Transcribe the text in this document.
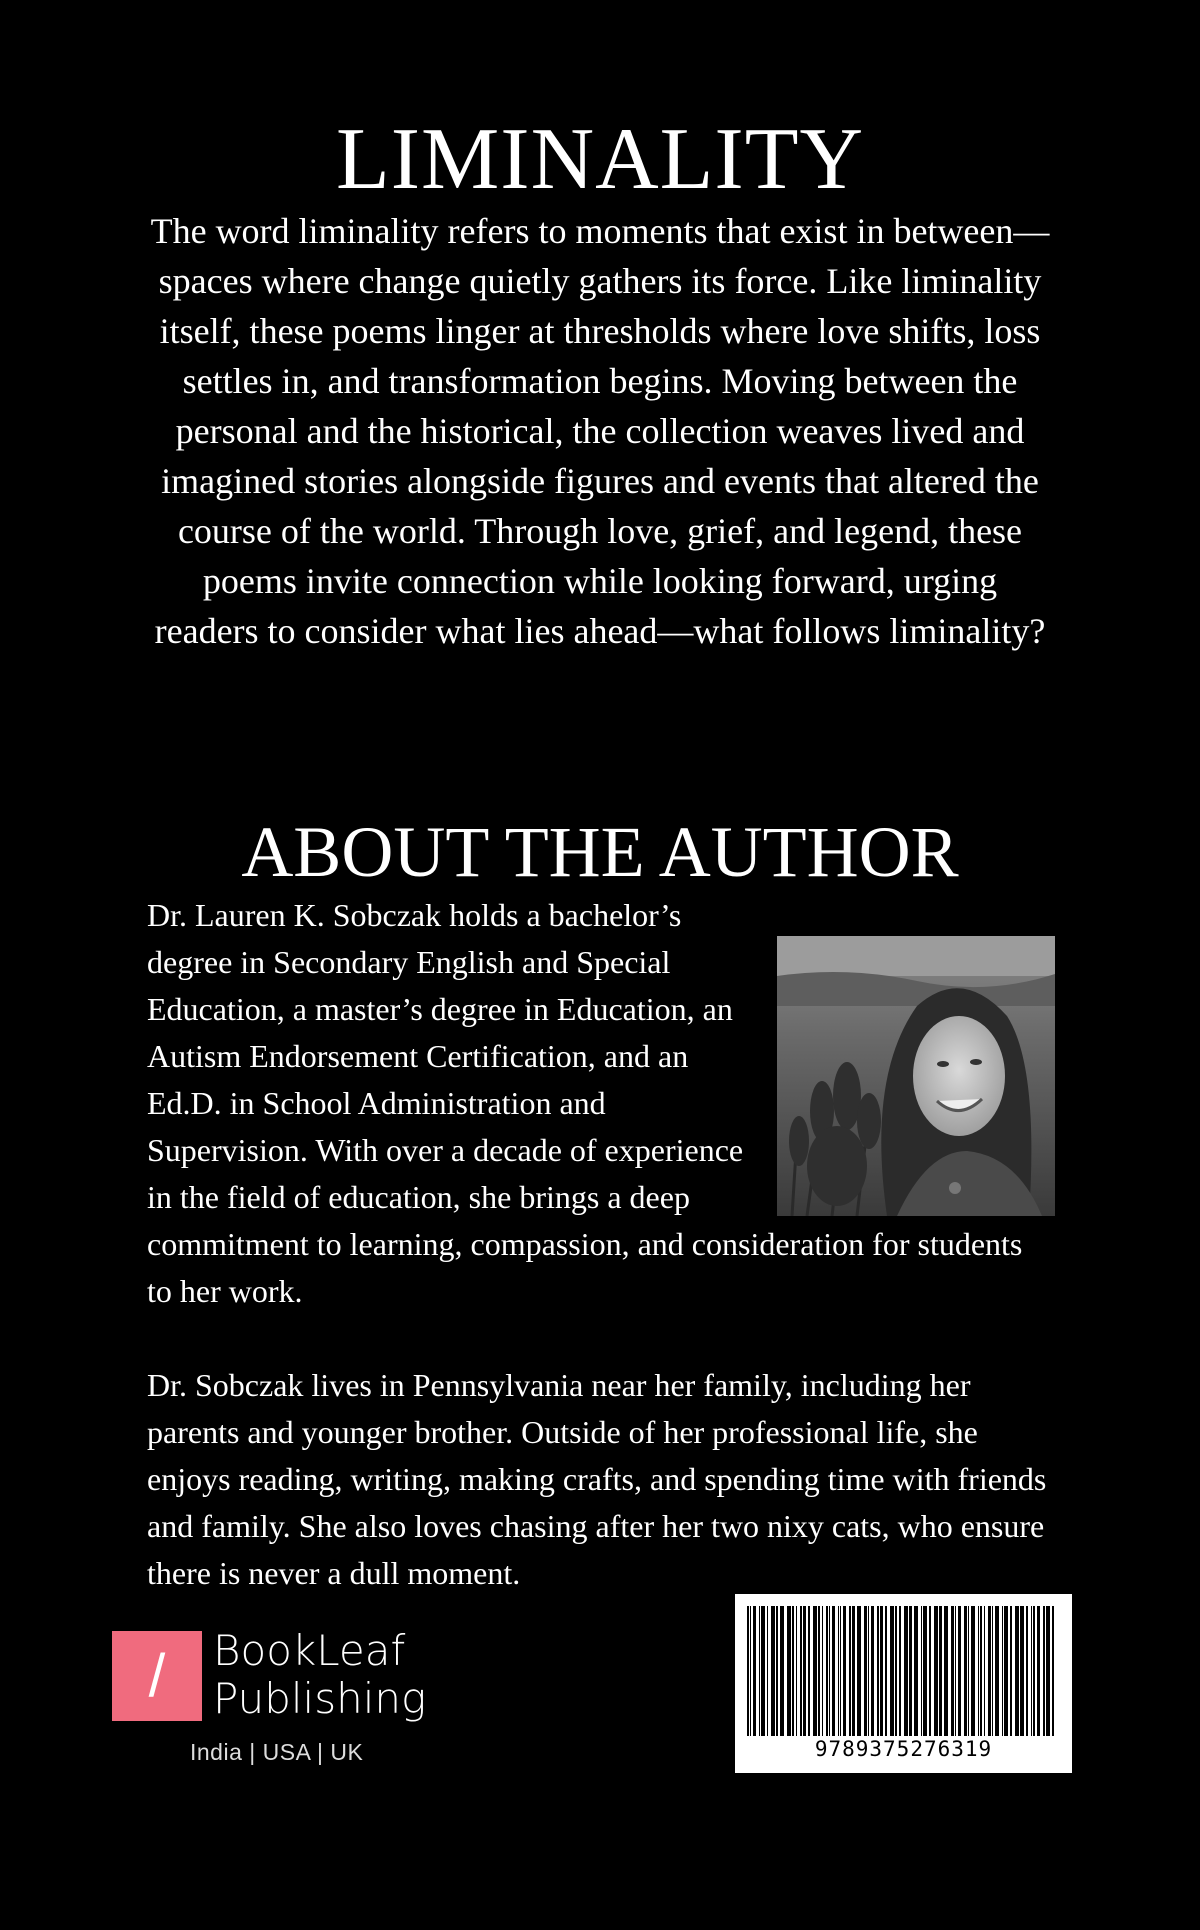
LIMINALITY

The word liminality refers to moments that exist in between—spaces where change quietly gathers its force. Like liminality itself, these poems linger at thresholds where love shifts, loss settles in, and transformation begins. Moving between the personal and the historical, the collection weaves lived and imagined stories alongside figures and events that altered the course of the world. Through love, grief, and legend, these poems invite connection while looking forward, urging readers to consider what lies ahead—what follows liminality?

ABOUT THE AUTHOR

Dr. Lauren K. Sobczak holds a bachelor’s degree in Secondary English and Special Education, a master’s degree in Education, an Autism Endorsement Certification, and an Ed.D. in School Administration and Supervision. With over a decade of experience in the field of education, she brings a deep commitment to learning, compassion, and consideration for students to her work.

Dr. Sobczak lives in Pennsylvania near her family, including her parents and younger brother. Outside of her professional life, she enjoys reading, writing, making crafts, and spending time with friends and family. She also loves chasing after her two nixy cats, who ensure there is never a dull moment.

/	BookLeaf
Publishing
India | USA | UK	9789375276319
